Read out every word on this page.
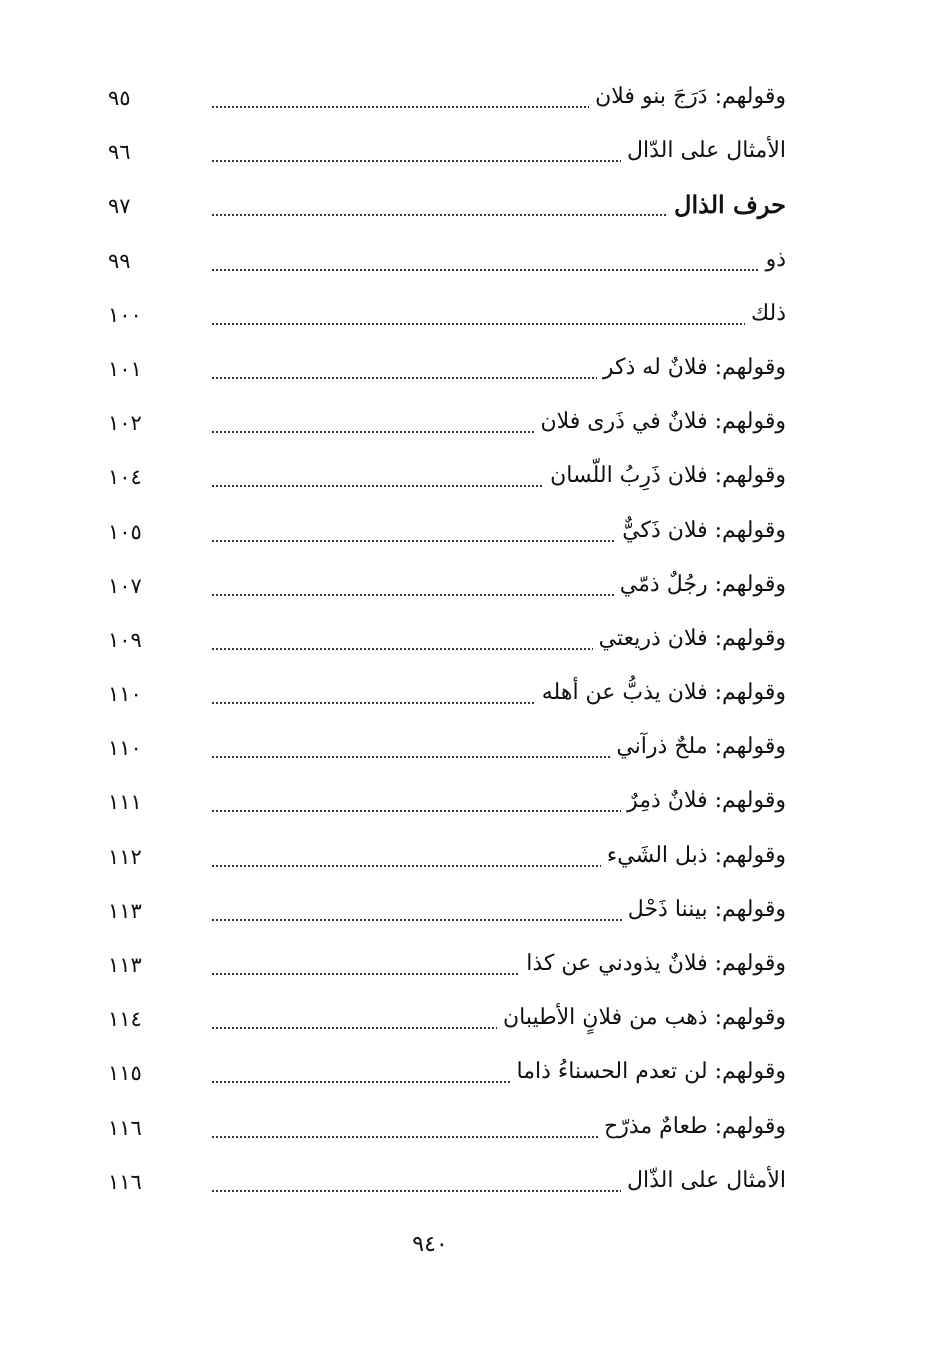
وقولهم: دَرَجَ بنو فلان
٩٥
الأمثال على الدّال
٩٦
حرف الذال
٩٧
ذو
٩٩
ذلك
١٠٠
وقولهم: فلانٌ له ذكر
١٠١
وقولهم: فلانٌ في ذَرى فلان
١٠٢
وقولهم: فلان ذَرِبُ اللّسان
١٠٤
وقولهم: فلان ذَكيٌّ
١٠٥
وقولهم: رجُلٌ ذمّي
١٠٧
وقولهم: فلان ذريعتي
١٠٩
وقولهم: فلان يذبُّ عن أهله
١١٠
وقولهم: ملحٌ ذرآني
١١٠
وقولهم: فلانٌ ذمِرٌ
١١١
وقولهم: ذبل الشَيء
١١٢
وقولهم: بيننا ذَحْل
١١٣
وقولهم: فلانٌ يذودني عن كذا
١١٣
وقولهم: ذهب من فلانٍ الأطيبان
١١٤
وقولهم: لن تعدم الحسناءُ ذاما
١١٥
وقولهم: طعامٌ مذرّح
١١٦
الأمثال على الذّال
١١٦
٩٤٠
